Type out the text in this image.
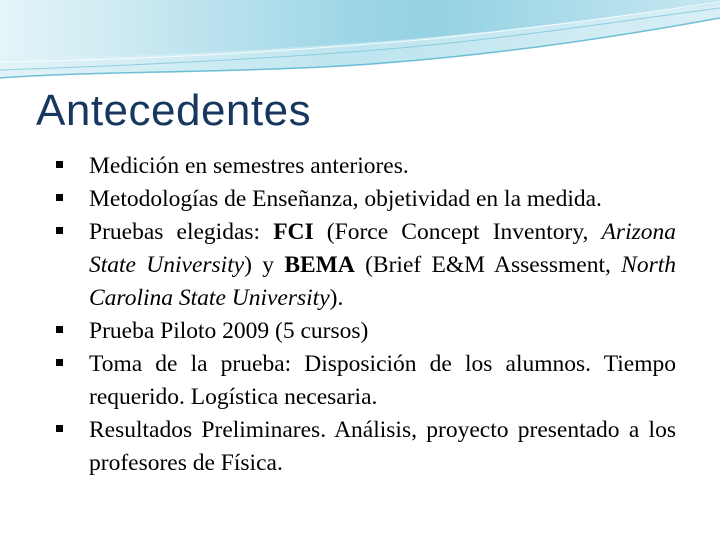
Antecedentes
Medición en semestres anteriores.
Metodologías de Enseñanza, objetividad en la medida.
Pruebas elegidas: FCI (Force Concept Inventory, Arizona State University) y BEMA (Brief E&M Assessment, North Carolina State University).
Prueba Piloto 2009 (5 cursos)
Toma de la prueba: Disposición de los alumnos. Tiempo requerido. Logística necesaria.
Resultados Preliminares. Análisis, proyecto presentado a los profesores de Física.
